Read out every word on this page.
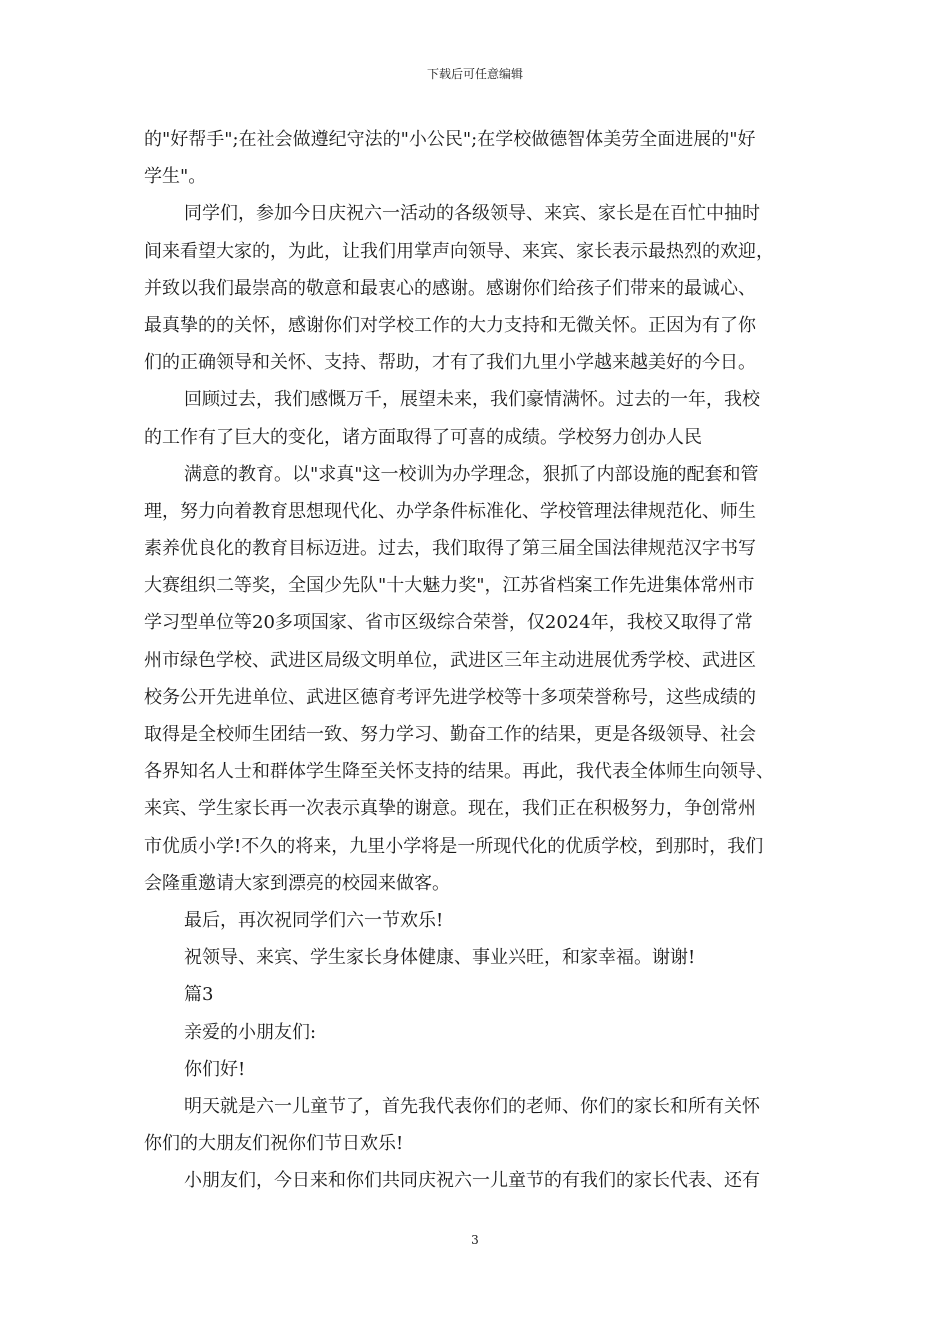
下载后可任意编辑
的"好帮手";在社会做遵纪守法的"小公民";在学校做德智体美劳全面进展的"好
学生"。
同学们，参加今日庆祝六一活动的各级领导、来宾、家长是在百忙中抽时
间来看望大家的，为此，让我们用掌声向领导、来宾、家长表示最热烈的欢迎，
并致以我们最崇高的敬意和最衷心的感谢。感谢你们给孩子们带来的最诚心、
最真挚的的关怀，感谢你们对学校工作的大力支持和无微关怀。正因为有了你
们的正确领导和关怀、支持、帮助，才有了我们九里小学越来越美好的今日。
回顾过去，我们感慨万千，展望未来，我们豪情满怀。过去的一年，我校
的工作有了巨大的变化，诸方面取得了可喜的成绩。学校努力创办人民
满意的教育。以"求真"这一校训为办学理念，狠抓了内部设施的配套和管
理，努力向着教育思想现代化、办学条件标准化、学校管理法律规范化、师生
素养优良化的教育目标迈进。过去，我们取得了第三届全国法律规范汉字书写
大赛组织二等奖，全国少先队"十大魅力奖"，江苏省档案工作先进集体常州市
学习型单位等20多项国家、省市区级综合荣誉，仅2024年，我校又取得了常
州市绿色学校、武进区局级文明单位，武进区三年主动进展优秀学校、武进区
校务公开先进单位、武进区德育考评先进学校等十多项荣誉称号，这些成绩的
取得是全校师生团结一致、努力学习、勤奋工作的结果，更是各级领导、社会
各界知名人士和群体学生降至关怀支持的结果。再此，我代表全体师生向领导、
来宾、学生家长再一次表示真挚的谢意。现在，我们正在积极努力，争创常州
市优质小学!不久的将来，九里小学将是一所现代化的优质学校，到那时，我们
会隆重邀请大家到漂亮的校园来做客。
最后，再次祝同学们六一节欢乐!
祝领导、来宾、学生家长身体健康、事业兴旺，和家幸福。谢谢!
篇3
亲爱的小朋友们:
你们好!
明天就是六一儿童节了，首先我代表你们的老师、你们的家长和所有关怀
你们的大朋友们祝你们节日欢乐!
小朋友们，今日来和你们共同庆祝六一儿童节的有我们的家长代表、还有
3
